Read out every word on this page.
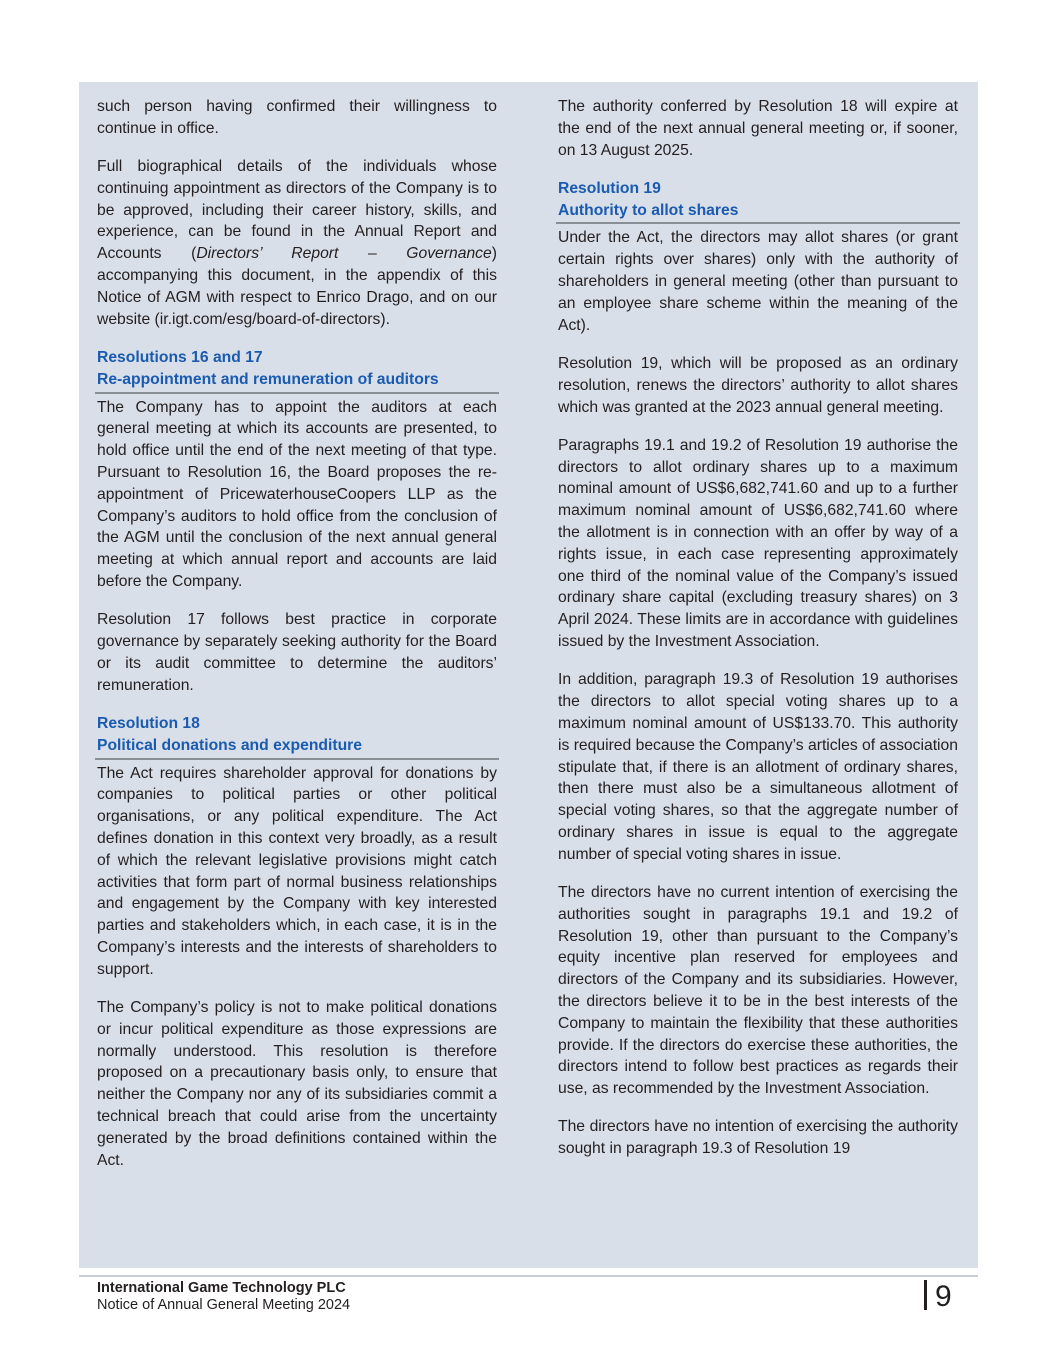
such person having confirmed their willingness to continue in office.

Full biographical details of the individuals whose continuing appointment as directors of the Company is to be approved, including their career history, skills, and experience, can be found in the Annual Report and Accounts (Directors’ Report – Governance) accompanying this document, in the appendix of this Notice of AGM with respect to Enrico Drago, and on our website (ir.igt.com/esg/board-of-directors).

Resolutions 16 and 17
Re-appointment and remuneration of auditors

The Company has to appoint the auditors at each general meeting at which its accounts are presented, to hold office until the end of the next meeting of that type. Pursuant to Resolution 16, the Board proposes the re-appointment of PricewaterhouseCoopers LLP as the Company’s auditors to hold office from the conclusion of the AGM until the conclusion of the next annual general meeting at which annual report and accounts are laid before the Company.

Resolution 17 follows best practice in corporate governance by separately seeking authority for the Board or its audit committee to determine the auditors’ remuneration.

Resolution 18
Political donations and expenditure

The Act requires shareholder approval for donations by companies to political parties or other political organisations, or any political expenditure. The Act defines donation in this context very broadly, as a result of which the relevant legislative provisions might catch activities that form part of normal business relationships and engagement by the Company with key interested parties and stakeholders which, in each case, it is in the Company’s interests and the interests of shareholders to support.

The Company’s policy is not to make political donations or incur political expenditure as those expressions are normally understood. This resolution is therefore proposed on a precautionary basis only, to ensure that neither the Company nor any of its subsidiaries commit a technical breach that could arise from the uncertainty generated by the broad definitions contained within the Act.

The authority conferred by Resolution 18 will expire at the end of the next annual general meeting or, if sooner, on 13 August 2025.

Resolution 19
Authority to allot shares

Under the Act, the directors may allot shares (or grant certain rights over shares) only with the authority of shareholders in general meeting (other than pursuant to an employee share scheme within the meaning of the Act).

Resolution 19, which will be proposed as an ordinary resolution, renews the directors’ authority to allot shares which was granted at the 2023 annual general meeting.

Paragraphs 19.1 and 19.2 of Resolution 19 authorise the directors to allot ordinary shares up to a maximum nominal amount of US$6,682,741.60 and up to a further maximum nominal amount of US$6,682,741.60 where the allotment is in connection with an offer by way of a rights issue, in each case representing approximately one third of the nominal value of the Company’s issued ordinary share capital (excluding treasury shares) on 3 April 2024. These limits are in accordance with guidelines issued by the Investment Association.

In addition, paragraph 19.3 of Resolution 19 authorises the directors to allot special voting shares up to a maximum nominal amount of US$133.70. This authority is required because the Company’s articles of association stipulate that, if there is an allotment of ordinary shares, then there must also be a simultaneous allotment of special voting shares, so that the aggregate number of ordinary shares in issue is equal to the aggregate number of special voting shares in issue.

The directors have no current intention of exercising the authorities sought in paragraphs 19.1 and 19.2 of Resolution 19, other than pursuant to the Company’s equity incentive plan reserved for employees and directors of the Company and its subsidiaries. However, the directors believe it to be in the best interests of the Company to maintain the flexibility that these authorities provide. If the directors do exercise these authorities, the directors intend to follow best practices as regards their use, as recommended by the Investment Association.

The directors have no intention of exercising the authority sought in paragraph 19.3 of Resolution 19

International Game Technology PLC
Notice of Annual General Meeting 2024	9
